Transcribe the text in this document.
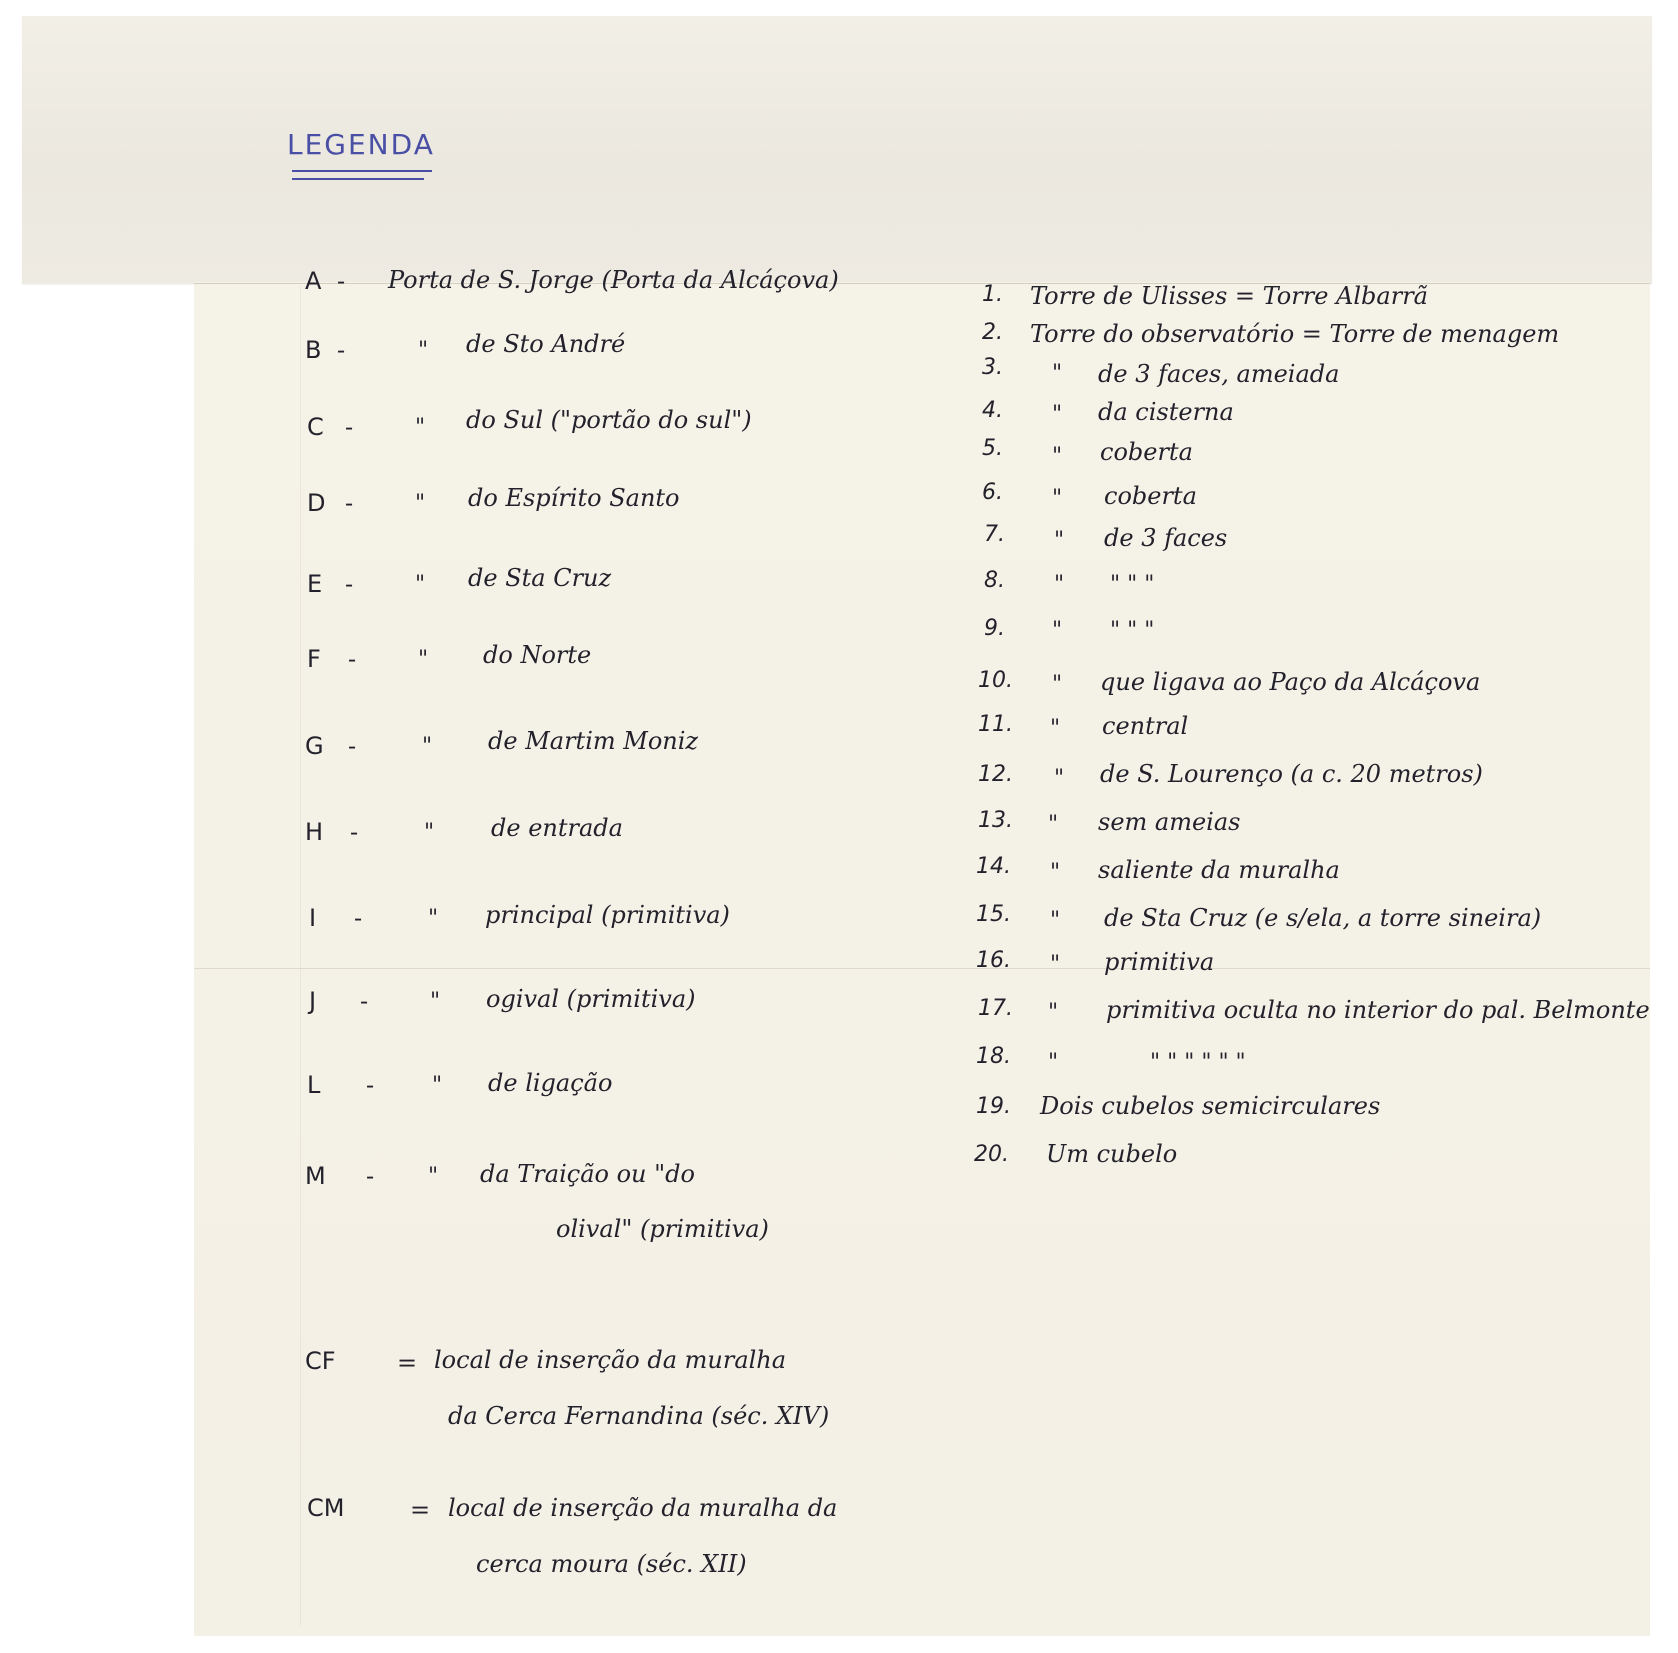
LEGENDA
A - Porta de S. Jorge (Porta da Alcáçova)
B -	" de Sto André
C -	" do Sul ("portão do sul")
D -	" do Espírito Santo
E -	" de Sta Cruz
F -	" do Norte
G -	" de Martim Moniz
H -	" de entrada
I -	" principal (primitiva)
J -	" ogival (primitiva)
L -	" de ligação
M - " da Traição ou "do
olival" (primitiva)
CF	= local de inserção da muralha
da Cerca Fernandina (séc. XIV)
CM	= local de inserção da muralha da
cerca moura (séc. XII)
1. Torre de Ulisses = Torre Albarrã
2. Torre do observatório = Torre de menagem
3. " de 3 faces, ameiada
4. " da cisterna
5. " coberta
6. " coberta
7. " de 3 faces
8. " " " "
9. " " " "
10. " que ligava ao Paço da Alcáçova
11. " central
12. " de S. Lourenço (a c. 20 metros)
13. " sem ameias
14. " saliente da muralha
15. " de Sta Cruz (e s/ela, a torre sineira)
16. " primitiva
17. " primitiva oculta no interior do pal. Belmonte
18. "	" " " " " "
19. Dois cubelos semicirculares
20. Um cubelo
